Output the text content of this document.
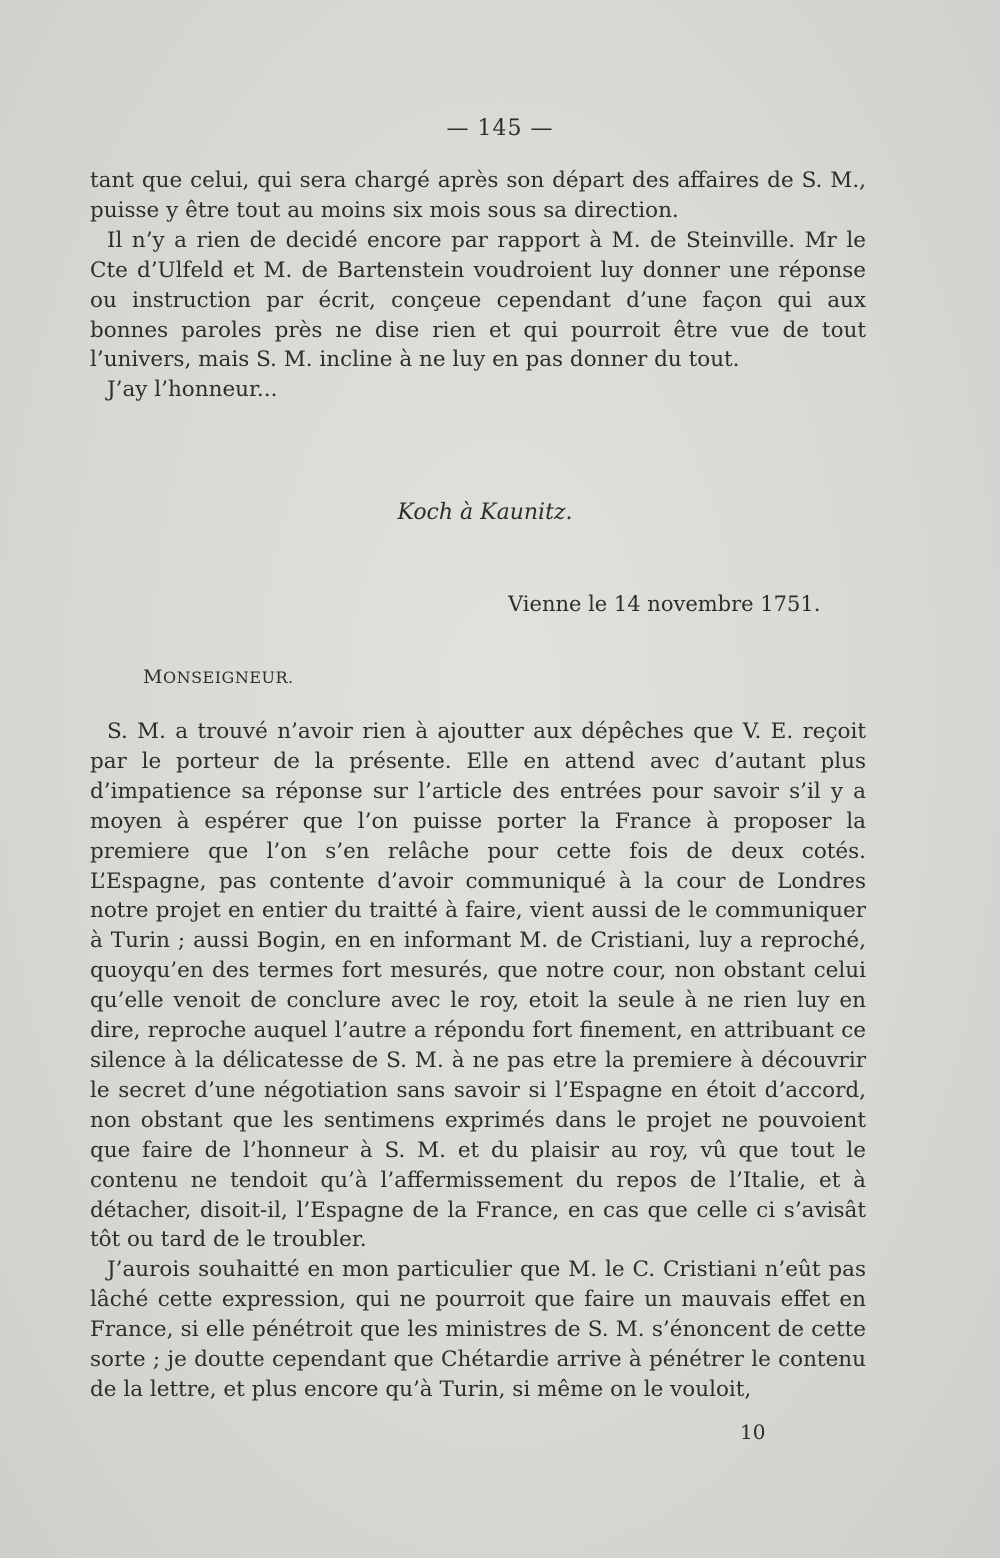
— 145 —

tant que celui, qui sera chargé après son départ des affaires de S. M., puisse y être tout au moins six mois sous sa direction.

Il n’y a rien de decidé encore par rapport à M. de Steinville. Mr le Cte d’Ulfeld et M. de Bartenstein voudroient luy donner une réponse ou instruction par écrit, conçeue cependant d’une façon qui aux bonnes paroles près ne dise rien et qui pourroit être vue de tout l’univers, mais S. M. incline à ne luy en pas donner du tout.

J’ay l’honneur...

Koch à Kaunitz.
Vienne le 14 novembre 1751.
MONSEIGNEUR.

S. M. a trouvé n’avoir rien à ajoutter aux dépêches que V. E. reçoit par le porteur de la présente. Elle en attend avec d’autant plus d’impatience sa réponse sur l’article des entrées pour savoir s’il y a moyen à espérer que l’on puisse porter la France à proposer la premiere que l’on s’en relâche pour cette fois de deux cotés. L’Espagne, pas contente d’avoir communiqué à la cour de Londres notre projet en entier du traitté à faire, vient aussi de le communiquer à Turin ; aussi Bogin, en en informant M. de Cristiani, luy a reproché, quoyqu’en des termes fort mesurés, que notre cour, non obstant celui qu’elle venoit de conclure avec le roy, etoit la seule à ne rien luy en dire, reproche auquel l’autre a répondu fort finement, en attribuant ce silence à la délicatesse de S. M. à ne pas etre la premiere à découvrir le secret d’une négotiation sans savoir si l’Espagne en étoit d’accord, non obstant que les sentimens exprimés dans le projet ne pouvoient que faire de l’honneur à S. M. et du plaisir au roy, vû que tout le contenu ne tendoit qu’à l’affermissement du repos de l’Italie, et à détacher, disoit-il, l’Espagne de la France, en cas que celle ci s’avisât tôt ou tard de le troubler.

J’aurois souhaitté en mon particulier que M. le C. Cristiani n’eût pas lâché cette expression, qui ne pourroit que faire un mauvais effet en France, si elle pénétroit que les ministres de S. M. s’énoncent de cette sorte ; je doutte cependant que Chétardie arrive à pénétrer le contenu de la lettre, et plus encore qu’à Turin, si même on le vouloit,

10
